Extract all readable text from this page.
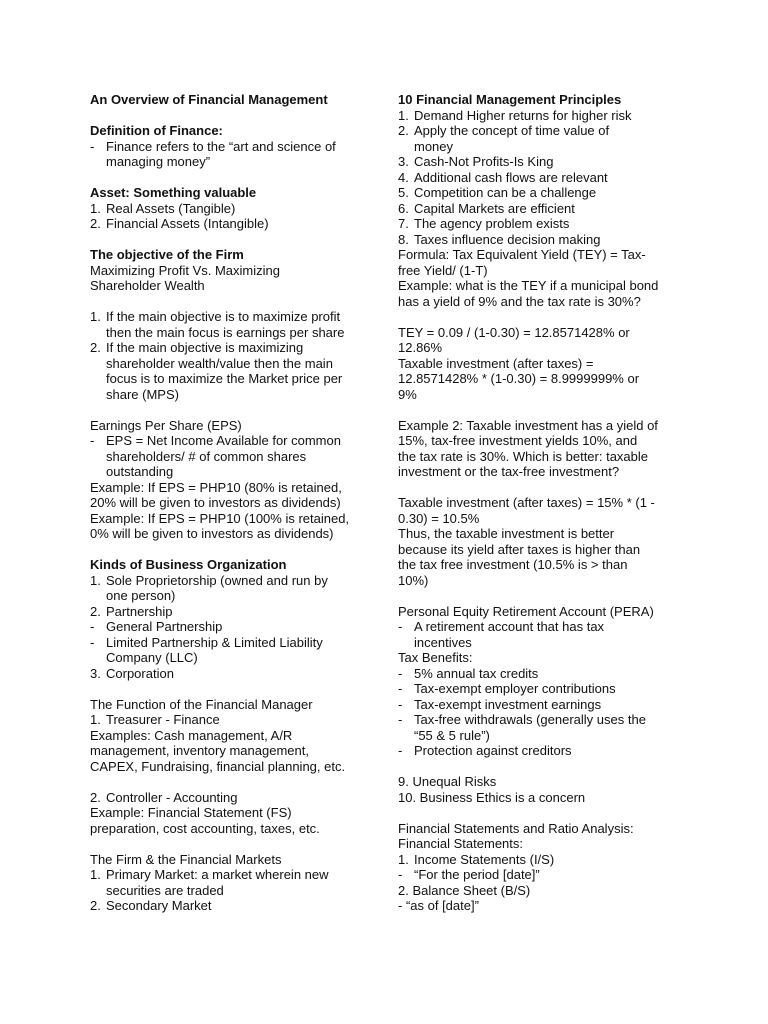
An Overview of Financial Management
Definition of Finance:
- Finance refers to the “art and science of
managing money”
Asset: Something valuable
1. Real Assets (Tangible)
2. Financial Assets (Intangible)
The objective of the Firm
Maximizing Profit Vs. Maximizing
Shareholder Wealth
1. If the main objective is to maximize profit
then the main focus is earnings per share
2. If the main objective is maximizing
shareholder wealth/value then the main
focus is to maximize the Market price per
share (MPS)
Earnings Per Share (EPS)
- EPS = Net Income Available for common
shareholders/ # of common shares
outstanding
Example: If EPS = PHP10 (80% is retained,
20% will be given to investors as dividends)
Example: If EPS = PHP10 (100% is retained,
0% will be given to investors as dividends)
Kinds of Business Organization
1. Sole Proprietorship (owned and run by
one person)
2. Partnership
- General Partnership
- Limited Partnership & Limited Liability
Company (LLC)
3. Corporation
The Function of the Financial Manager
1. Treasurer - Finance
Examples: Cash management, A/R
management, inventory management,
CAPEX, Fundraising, financial planning, etc.
2. Controller - Accounting
Example: Financial Statement (FS)
preparation, cost accounting, taxes, etc.
The Firm & the Financial Markets
1. Primary Market: a market wherein new
securities are traded
2. Secondary Market
10 Financial Management Principles
1. Demand Higher returns for higher risk
2. Apply the concept of time value of
money
3. Cash-Not Profits-Is King
4. Additional cash flows are relevant
5. Competition can be a challenge
6. Capital Markets are efficient
7. The agency problem exists
8. Taxes influence decision making
Formula: Tax Equivalent Yield (TEY) = Tax-
free Yield/ (1-T)
Example: what is the TEY if a municipal bond
has a yield of 9% and the tax rate is 30%?
TEY = 0.09 / (1-0.30) = 12.8571428% or
12.86%
Taxable investment (after taxes) =
12.8571428% * (1-0.30) = 8.9999999% or
9%
Example 2: Taxable investment has a yield of
15%, tax-free investment yields 10%, and
the tax rate is 30%. Which is better: taxable
investment or the tax-free investment?
Taxable investment (after taxes) = 15% * (1 -
0.30) = 10.5%
Thus, the taxable investment is better
because its yield after taxes is higher than
the tax free investment (10.5% is > than
10%)
Personal Equity Retirement Account (PERA)
- A retirement account that has tax
incentives
Tax Benefits:
- 5% annual tax credits
- Tax-exempt employer contributions
- Tax-exempt investment earnings
- Tax-free withdrawals (generally uses the
“55 & 5 rule”)
- Protection against creditors
9. Unequal Risks
10. Business Ethics is a concern
Financial Statements and Ratio Analysis:
Financial Statements:
1. Income Statements (I/S)
- “For the period [date]”
2. Balance Sheet (B/S)
- “as of [date]”
